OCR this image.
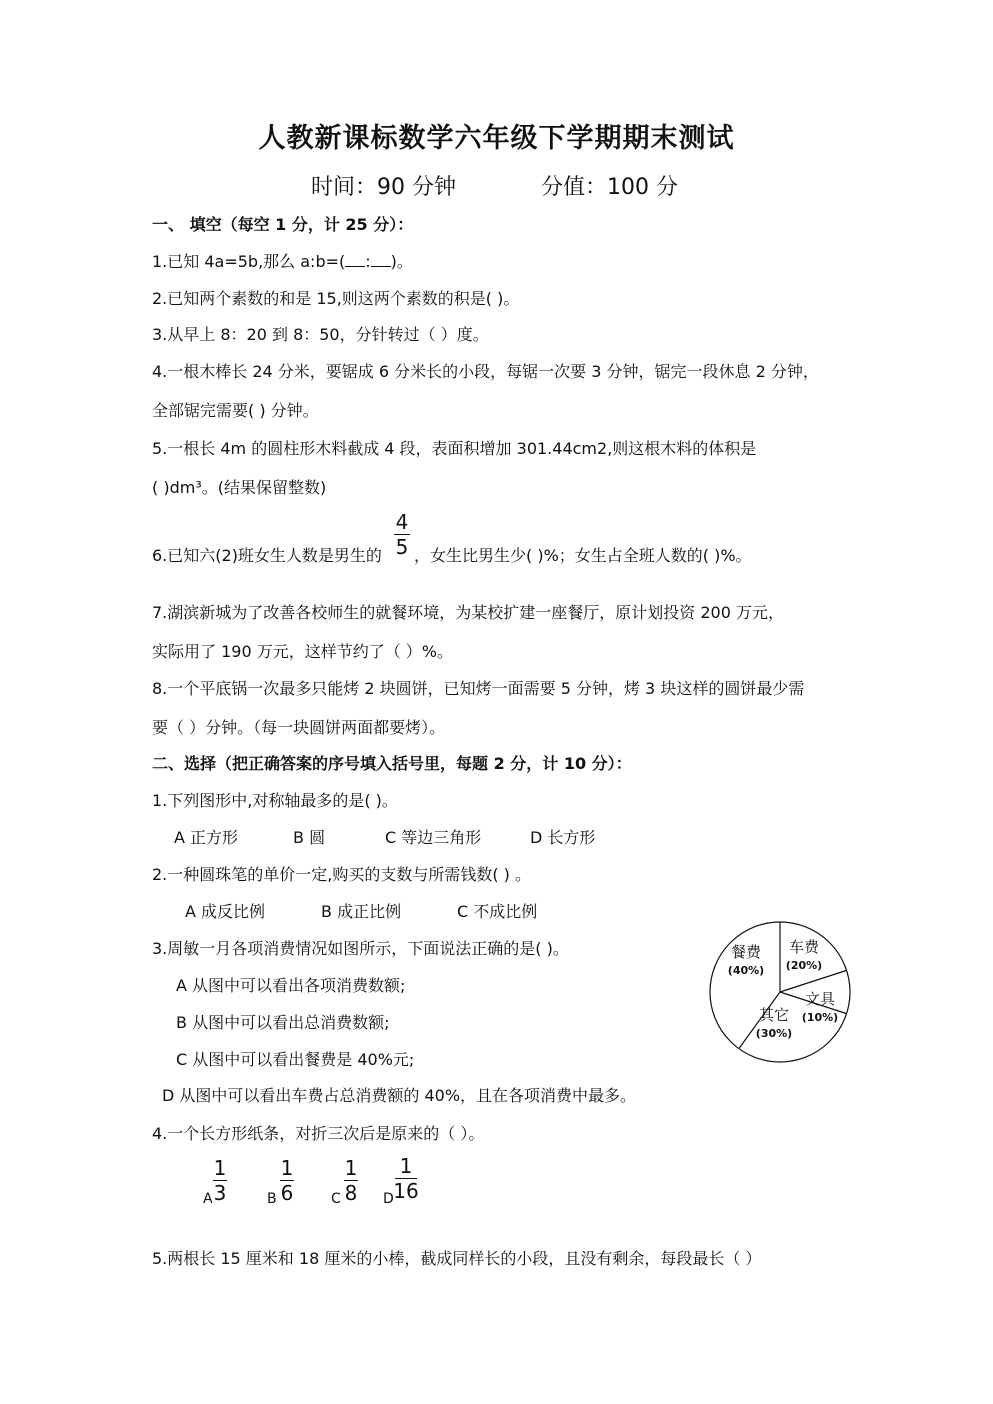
人教新课标数学六年级下学期期末测试
时间：90 分钟	分值：100 分
一、 填空（每空 1 分，计 25 分）：
1.已知 4a=5b,那么 a:b=( : )。
2.已知两个素数的和是 15,则这两个素数的积是( )。
3.从早上 8：20 到 8：50，分针转过（ ）度。
4.一根木棒长 24 分米，要锯成 6 分米长的小段，每锯一次要 3 分钟，锯完一段休息 2 分钟，
全部锯完需要( ) 分钟。
5.一根长 4m 的圆柱形木料截成 4 段，表面积增加 301.44cm2,则这根木料的体积是
( )dm³。(结果保留整数)
6.已知六(2)班女生人数是男生的
4
5 ，女生比男生少( )%；女生占全班人数的( )%。
7.湖滨新城为了改善各校师生的就餐环境，为某校扩建一座餐厅，原计划投资 200 万元，
实际用了 190 万元，这样节约了（ ）%。
8.一个平底锅一次最多只能烤 2 块圆饼，已知烤一面需要 5 分钟，烤 3 块这样的圆饼最少需
要（ ）分钟。（每一块圆饼两面都要烤）。
二、选择（把正确答案的序号填入括号里，每题 2 分，计 10 分）：
1.下列图形中,对称轴最多的是( )。
A 正方形	B 圆	C 等边三角形	D 长方形
2.一种圆珠笔的单价一定,购买的支数与所需钱数( ) 。
A 成反比例	B 成正比例	C 不成比例
3.周敏一月各项消费情况如图所示，下面说法正确的是( )。
A 从图中可以看出各项消费数额;
B 从图中可以看出总消费数额;
C 从图中可以看出餐费是 40%元;
D 从图中可以看出车费占总消费额的 40%，且在各项消费中最多。
餐费
(40%)
车费
(20%)
文具
(10%)
其它
(30%)
4.一个长方形纸条，对折三次后是原来的（ ）。
A
1
3	B
1
6	C
1
8 D
1
16
5.两根长 15 厘米和 18 厘米的小棒，截成同样长的小段，且没有剩余，每段最长（ ）
